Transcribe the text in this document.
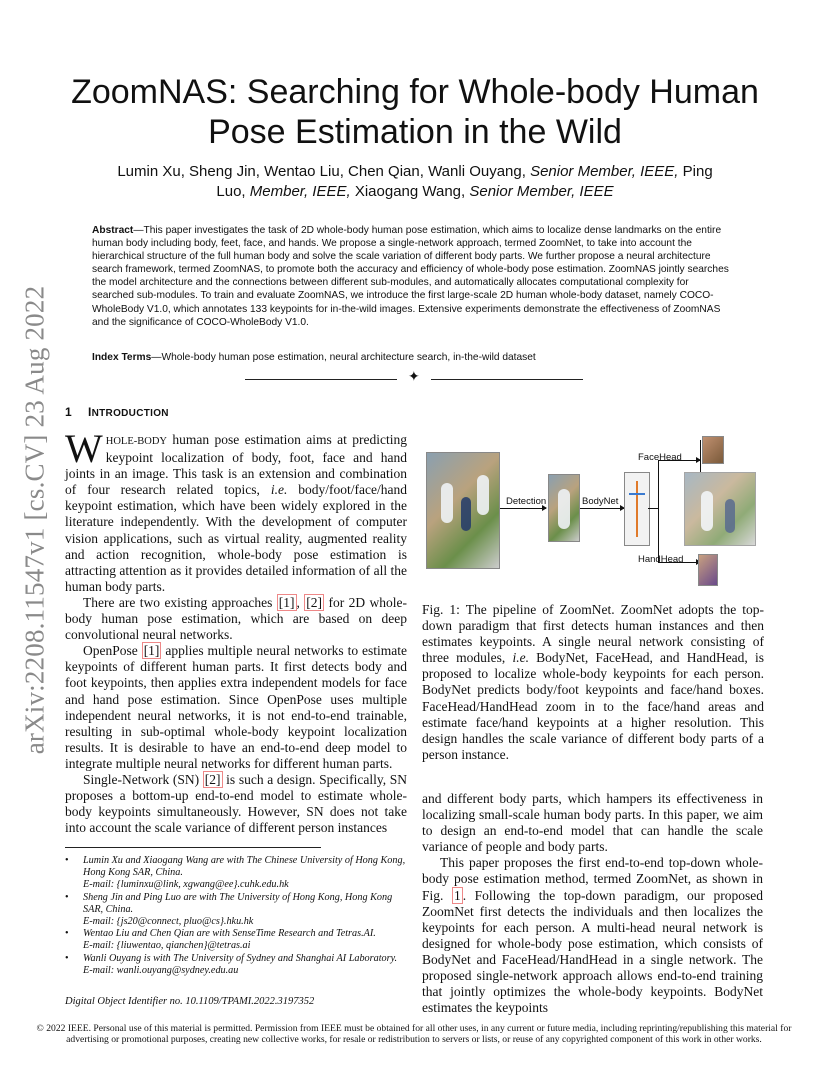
arXiv:2208.11547v1 [cs.CV] 23 Aug 2022
ZoomNAS: Searching for Whole-body Human
Pose Estimation in the Wild
Lumin Xu, Sheng Jin, Wentao Liu, Chen Qian, Wanli Ouyang, Senior Member, IEEE, Ping
Luo, Member, IEEE, Xiaogang Wang, Senior Member, IEEE
Abstract—This paper investigates the task of 2D whole-body human pose estimation, which aims to localize dense landmarks on the entire human body including body, feet, face, and hands. We propose a single-network approach, termed ZoomNet, to take into account the hierarchical structure of the full human body and solve the scale variation of different body parts. We further propose a neural architecture search framework, termed ZoomNAS, to promote both the accuracy and efficiency of whole-body pose estimation. ZoomNAS jointly searches the model architecture and the connections between different sub-modules, and automatically allocates computational complexity for searched sub-modules. To train and evaluate ZoomNAS, we introduce the first large-scale 2D human whole-body dataset, namely COCO-WholeBody V1.0, which annotates 133 keypoints for in-the-wild images. Extensive experiments demonstrate the effectiveness of ZoomNAS and the significance of COCO-WholeBody V1.0.
Index Terms—Whole-body human pose estimation, neural architecture search, in-the-wild dataset
✦
1 INTRODUCTION

WHOLE-BODY human pose estimation aims at predicting keypoint localization of body, foot, face and hand joints in an image. This task is an extension and combination of four research related topics, i.e. body/foot/face/hand keypoint estimation, which have been widely explored in the literature independently. With the development of computer vision applications, such as virtual reality, augmented reality and action recognition, whole-body pose estimation is attracting attention as it provides detailed information of all the human body parts.

There are two existing approaches [1] , [2] for 2D whole-body human pose estimation, which are based on deep convolutional neural networks.

OpenPose [1] applies multiple neural networks to estimate keypoints of different human parts. It first detects body and foot keypoints, then applies extra independent models for face and hand pose estimation. Since OpenPose uses multiple independent neural networks, it is not end-to-end trainable, resulting in sub-optimal whole-body keypoint localization results. It is desirable to have an end-to-end deep model to integrate multiple neural networks for different human parts.

Single-Network (SN) [2] is such a design. Specifically, SN proposes a bottom-up end-to-end model to estimate whole-body keypoints simultaneously. However, SN does not take into account the scale variance of different person instances

• Lumin Xu and Xiaogang Wang are with The Chinese University of Hong Kong, Hong Kong SAR, China.
E-mail: {luminxu@link, xgwang@ee}.cuhk.edu.hk
• Sheng Jin and Ping Luo are with The University of Hong Kong, Hong Kong SAR, China.
E-mail: {js20@connect, pluo@cs}.hku.hk
• Wentao Liu and Chen Qian are with SenseTime Research and Tetras.AI.
E-mail: {liuwentao, qianchen}@tetras.ai
• Wanli Ouyang is with The University of Sydney and Shanghai AI Laboratory.
E-mail: wanli.ouyang@sydney.edu.au
Digital Object Identifier no. 10.1109/TPAMI.2022.3197352
Detection	BodyNet
FaceHead
HandHead
Fig. 1: The pipeline of ZoomNet. ZoomNet adopts the top-down paradigm that first detects human instances and then estimates keypoints. A single neural network consisting of three modules, i.e. BodyNet, FaceHead, and HandHead, is proposed to localize whole-body keypoints for each person. BodyNet predicts body/foot keypoints and face/hand boxes. FaceHead/HandHead zoom in to the face/hand areas and estimate face/hand keypoints at a higher resolution. This design handles the scale variance of different body parts of a person instance.

and different body parts, which hampers its effectiveness in localizing small-scale human body parts. In this paper, we aim to design an end-to-end model that can handle the scale variance of people and body parts.

This paper proposes the first end-to-end top-down whole-body pose estimation method, termed ZoomNet, as shown in Fig. 1 . Following the top-down paradigm, our proposed ZoomNet first detects the individuals and then localizes the keypoints for each person. A multi-head neural network is designed for whole-body pose estimation, which consists of BodyNet and FaceHead/HandHead in a single network. The proposed single-network approach allows end-to-end training that jointly optimizes the whole-body keypoints. BodyNet estimates the keypoints

© 2022 IEEE. Personal use of this material is permitted. Permission from IEEE must be obtained for all other uses, in any current or future media, including reprinting/republishing this material for advertising or promotional purposes, creating new collective works, for resale or redistribution to servers or lists, or reuse of any copyrighted component of this work in other works.
